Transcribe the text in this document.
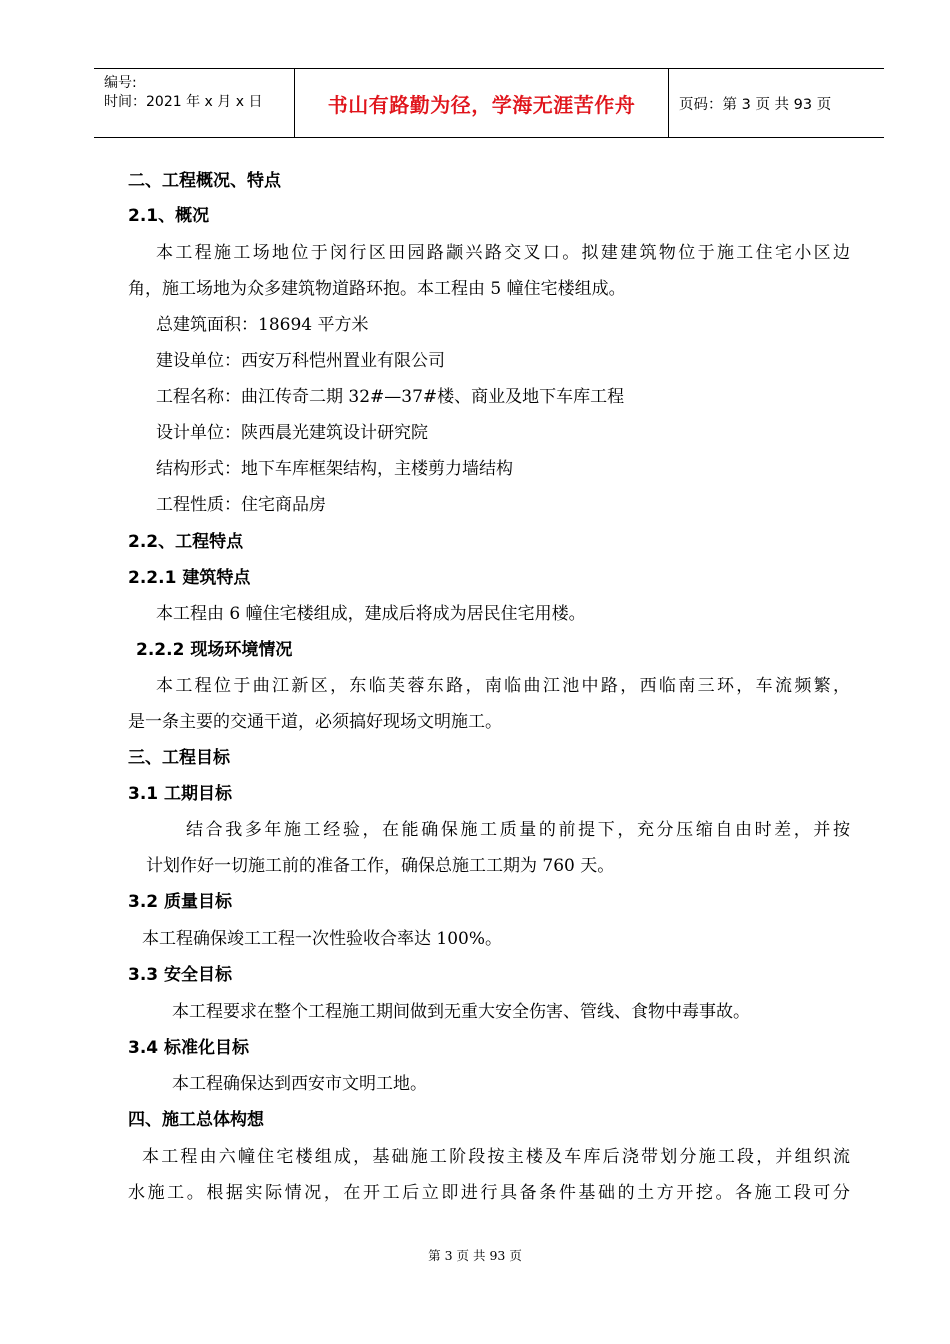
编号:
时间：2021 年 x 月 x 日	书山有路勤为径，学海无涯苦作舟	页码：第 3 页 共 93 页
二、工程概况、特点
2.1、概况
本工程施工场地位于闵行区田园路颛兴路交叉口。拟建建筑物位于施工住宅小区边
角，施工场地为众多建筑物道路环抱。本工程由 5 幢住宅楼组成。
总建筑面积：18694 平方米
建设单位：西安万科恺州置业有限公司
工程名称：曲江传奇二期 32#—37#楼、商业及地下车库工程
设计单位：陕西晨光建筑设计研究院
结构形式：地下车库框架结构，主楼剪力墙结构
工程性质：住宅商品房
2.2、工程特点
2.2.1 建筑特点
本工程由 6 幢住宅楼组成，建成后将成为居民住宅用楼。
2.2.2 现场环境情况
本工程位于曲江新区，东临芙蓉东路，南临曲江池中路，西临南三环，车流频繁，
是一条主要的交通干道，必须搞好现场文明施工。
三、工程目标
3.1 工期目标
结合我多年施工经验，在能确保施工质量的前提下，充分压缩自由时差，并按
计划作好一切施工前的准备工作，确保总施工工期为 760 天。
3.2 质量目标
本工程确保竣工工程一次性验收合率达 100%。
3.3 安全目标
本工程要求在整个工程施工期间做到无重大安全伤害、管线、食物中毒事故。
3.4 标准化目标
本工程确保达到西安市文明工地。
四、施工总体构想
本工程由六幢住宅楼组成，基础施工阶段按主楼及车库后浇带划分施工段，并组织流
水施工。根据实际情况，在开工后立即进行具备条件基础的土方开挖。各施工段可分
第 3 页 共 93 页
